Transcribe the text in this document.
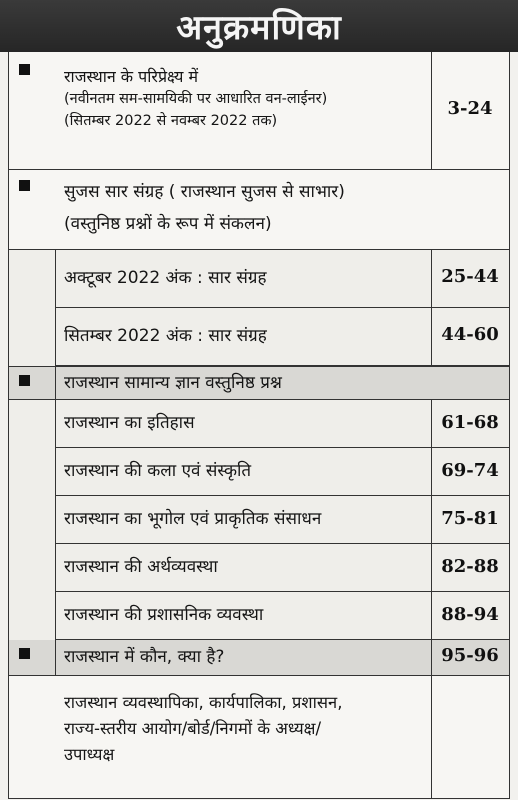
अनुक्रमणिका
राजस्थान के परिप्रेक्ष्य में
(नवीनतम सम-सामयिकी पर आधारित वन-लाईनर)
(सितम्बर 2022 से नवम्बर 2022 तक)
3-24
सुजस सार संग्रह ( राजस्थान सुजस से साभार)
(वस्तुनिष्ठ प्रश्नों के रूप में संकलन)
अक्टूबर 2022 अंक : सार संग्रह	25-44
सितम्बर 2022 अंक : सार संग्रह	44-60
राजस्थान सामान्य ज्ञान वस्तुनिष्ठ प्रश्न
राजस्थान का इतिहास	61-68
राजस्थान की कला एवं संस्कृति	69-74
राजस्थान का भूगोल एवं प्राकृतिक संसाधन	75-81
राजस्थान की अर्थव्यवस्था	82-88
राजस्थान की प्रशासनिक व्यवस्था	88-94
राजस्थान में कौन, क्या है?	95-96
राजस्थान व्यवस्थापिका, कार्यपालिका, प्रशासन,
राज्य-स्तरीय आयोग/बोर्ड/निगमों के अध्यक्ष/
उपाध्यक्ष
